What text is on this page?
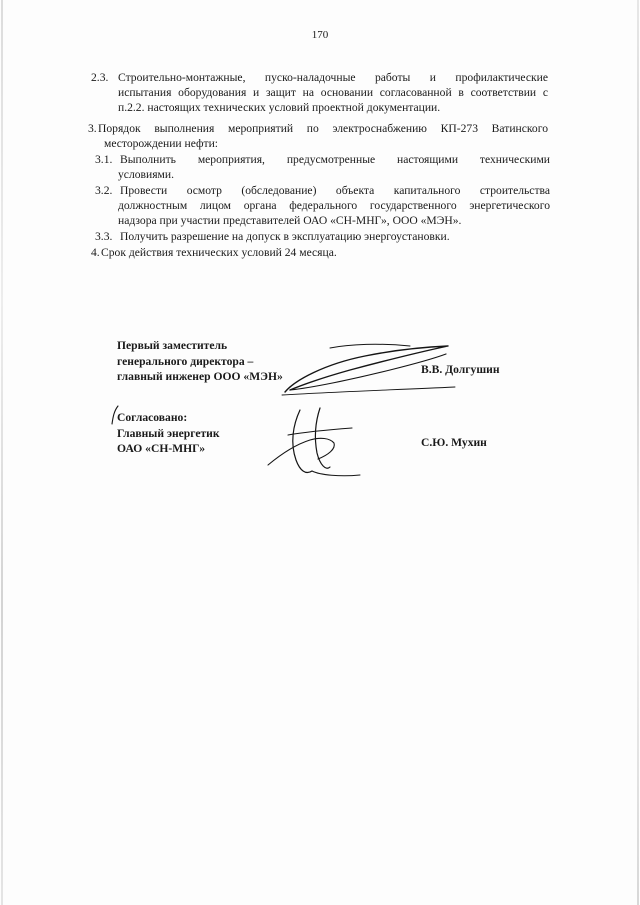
170
2.3. Строительно-монтажные, пуско-наладочные работы и профилактические
испытания оборудования и защит на основании согласованной в соответствии с
п.2.2. настоящих технических условий проектной документации.
3. Порядок выполнения мероприятий по электроснабжению КП-273 Ватинского
месторождении нефти:
3.1. Выполнить мероприятия, предусмотренные настоящими техническими
условиями.
3.2. Провести осмотр (обследование) объекта капитального строительства
должностным лицом органа федерального государственного энергетического
надзора при участии представителей ОАО «СН-МНГ», ООО «МЭН».
3.3. Получить разрешение на допуск в эксплуатацию энергоустановки.
4. Срок действия технических условий 24 месяца.
Первый заместитель
генерального директора –
главный инженер ООО «МЭН»
В.В. Долгушин
Согласовано:
Главный энергетик
ОАО «СН-МНГ»	С.Ю. Мухин
